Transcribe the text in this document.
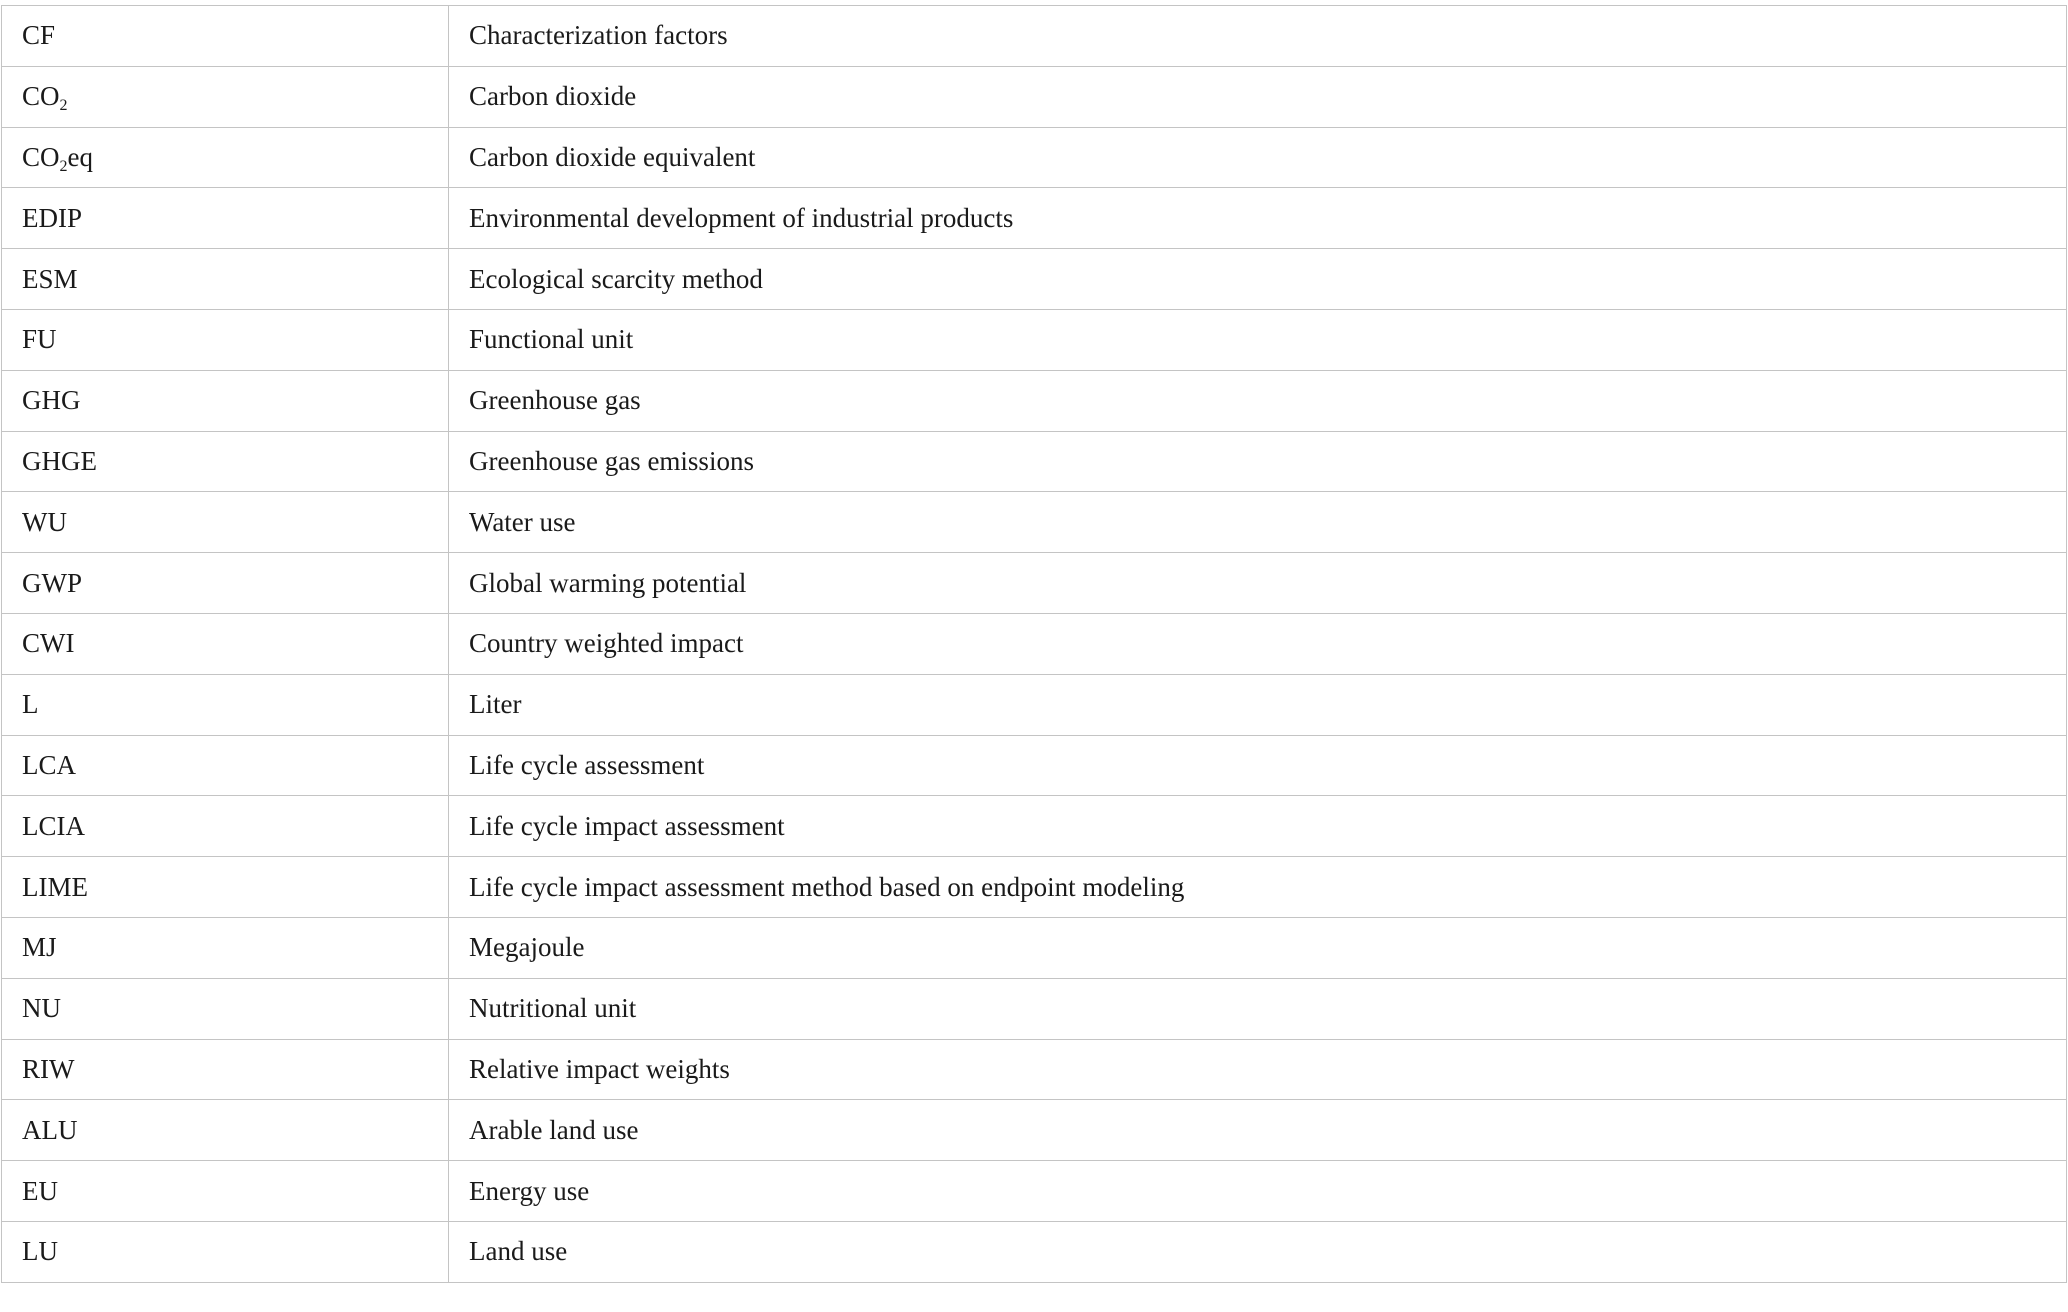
CF	Characterization factors
$CO_2$	Carbon dioxide
$CO_2eq$	Carbon dioxide equivalent
EDIP	Environmental development of industrial products
ESM	Ecological scarcity method
FU	Functional unit
GHG	Greenhouse gas
GHGE	Greenhouse gas emissions
WU	Water use
GWP	Global warming potential
CWI	Country weighted impact
L	Liter
LCA	Life cycle assessment
LCIA	Life cycle impact assessment
LIME	Life cycle impact assessment method based on endpoint modeling
MJ	Megajoule
NU	Nutritional unit
RIW	Relative impact weights
ALU	Arable land use
EU	Energy use
LU	Land use
